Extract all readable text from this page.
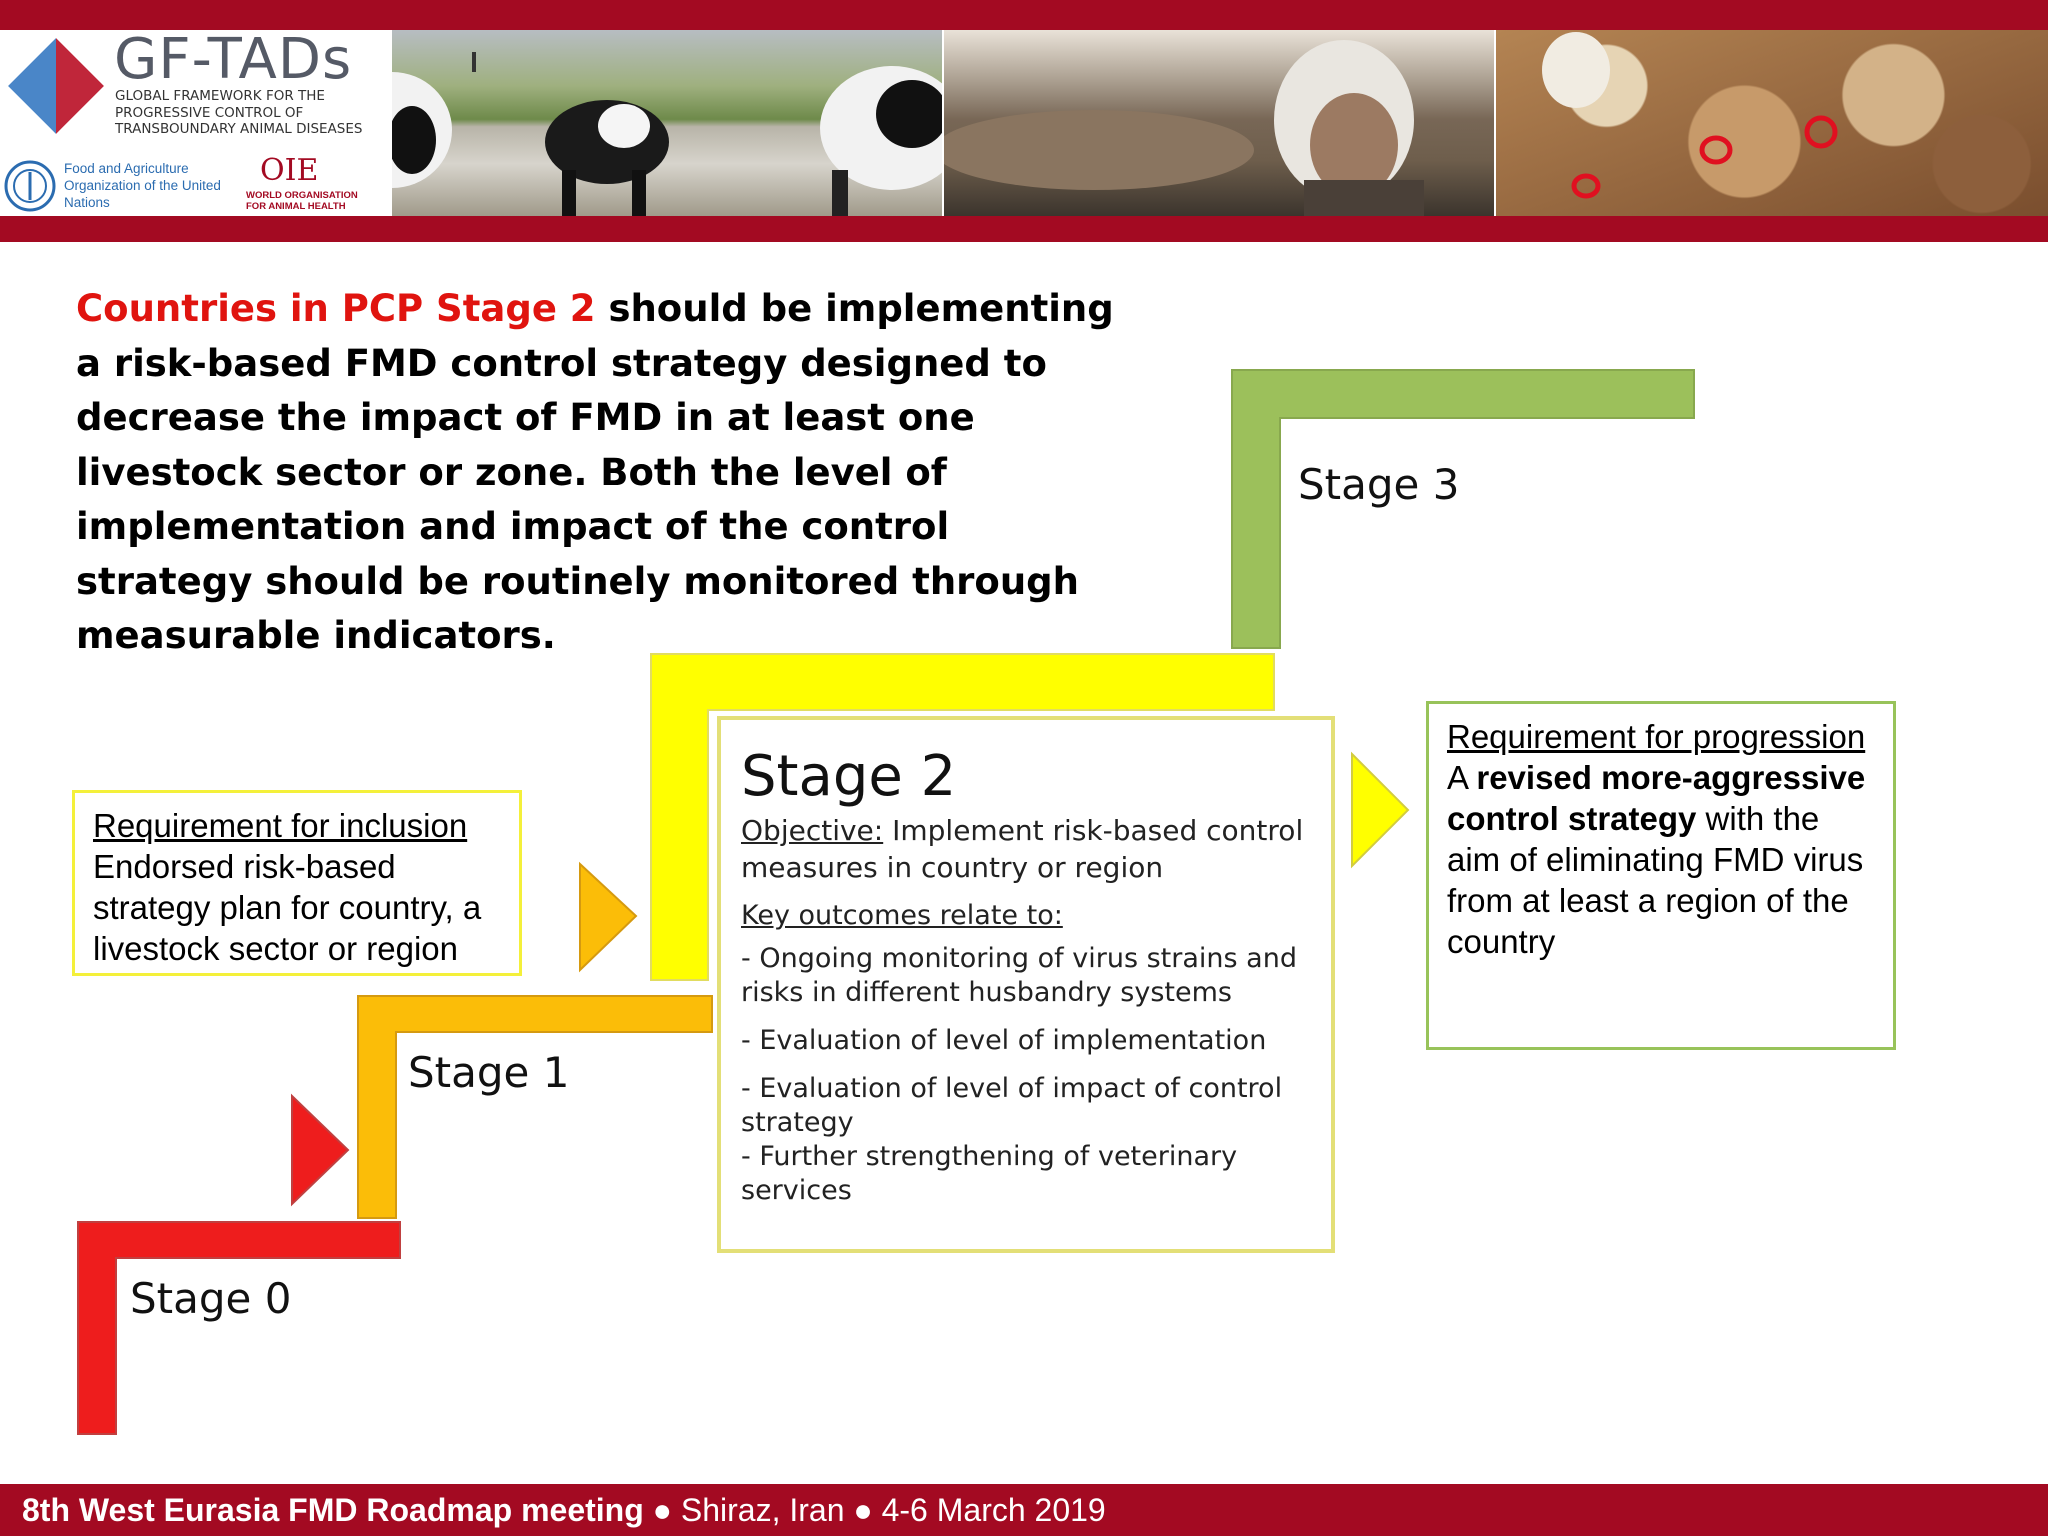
GF-TADs
GLOBAL FRAMEWORK FOR THE PROGRESSIVE CONTROL OF TRANSBOUNDARY ANIMAL DISEASES
Food and Agriculture Organization of the United Nations
OIE
WORLD ORGANISATION FOR ANIMAL HEALTH
Countries in PCP Stage 2 should be implementing a risk-based FMD control strategy designed to decrease the impact of FMD in at least one livestock sector or zone. Both the level of implementation and impact of the control strategy should be routinely monitored through measurable indicators.
Stage 0
Stage 1
Stage 3
Requirement for inclusion
Endorsed risk-based strategy plan for country, a livestock sector or region
Stage 2
Objective: Implement risk-based control measures in country or region
Key outcomes relate to:
- Ongoing monitoring of virus strains and risks in different husbandry systems
- Evaluation of level of implementation
- Evaluation of level of impact of control strategy
- Further strengthening of veterinary services
Requirement for progression
A revised more-aggressive control strategy with the aim of eliminating FMD virus from at least a region of the country
8th West Eurasia FMD Roadmap meeting ● Shiraz, Iran ● 4-6 March 2019
